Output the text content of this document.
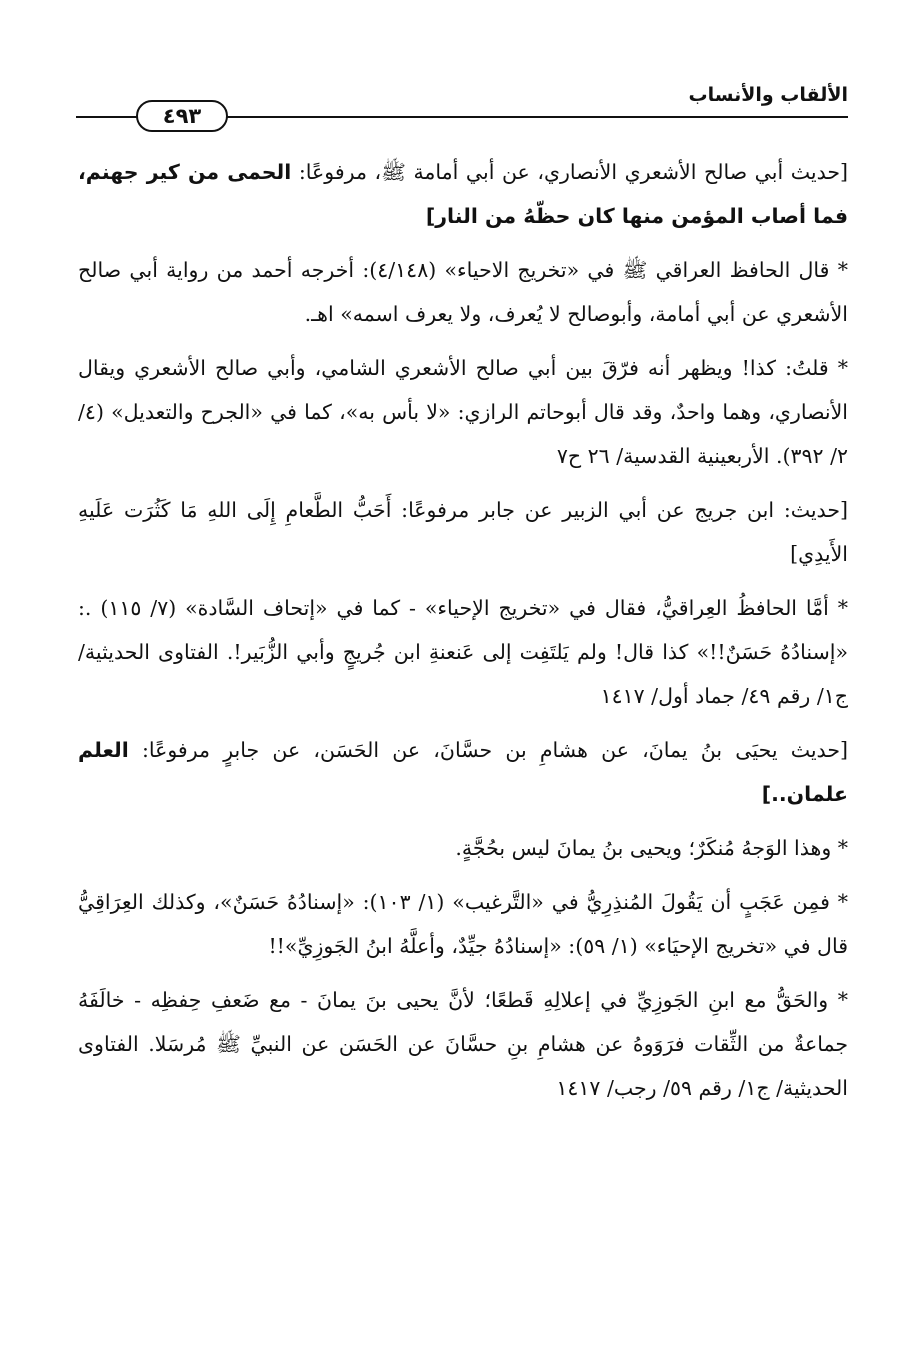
الألقاب والأنساب
٤٩٣

[حديث أبي صالح الأشعري الأنصاري، عن أبي أمامة ﷺ، مرفوعًا: الحمى من كير جهنم، فما أصاب المؤمن منها كان حظّهُ من النار]

* قال الحافظ العراقي ﷺ في «تخريج الاحياء» (٤/١٤٨): أخرجه أحمد من رواية أبي صالح الأشعري عن أبي أمامة، وأبوصالح لا يُعرف، ولا يعرف اسمه» اهـ.

* قلتُ: كذا! ويظهر أنه فرّقَ بين أبي صالح الأشعري الشامي، وأبي صالح الأشعري ويقال الأنصاري، وهما واحدٌ، وقد قال أبوحاتم الرازي: «لا بأس به»، كما في «الجرح والتعديل» (٤/ ٢/ ٣٩٢). الأربعينية القدسية/ ٢٦ ح٧

[حديث: ابن جريج عن أبي الزبير عن جابر مرفوعًا: أَحَبُّ الطَّعامِ إِلَى اللهِ مَا كَثُرَت عَلَيهِ الأَيدِي]

* أمَّا الحافظُ العِراقيُّ، فقال في «تخريج الإحياء» - كما في «إتحاف السَّادة» (٧/ ١١٥) .: «إسنادُهُ حَسَنٌ!!» كذا قال! ولم يَلتَفِت إلى عَنعنةِ ابن جُريجٍ وأبي الزُّبَير!. الفتاوى الحديثية/ ج١/ رقم ٤٩/ جماد أول/ ١٤١٧

[حديث يحيَى بنُ يمانَ، عن هشامِ بن حسَّانَ، عن الحَسَن، عن جابرٍ مرفوعًا: العلم علمان..]

* وهذا الوَجهُ مُنكَرٌ؛ ويحيى بنُ يمانَ ليس بحُجَّةٍ.

* فمِن عَجَبٍ أن يَقُولَ المُنذِرِيُّ في «التَّرغيب» (١/ ١٠٣): «إسنادُهُ حَسَنٌ»، وكذلك العِرَاقِيُّ قال في «تخريج الإحيَاء» (١/ ٥٩): «إسنادُهُ جيِّدٌ، وأعلَّهُ ابنُ الجَوزِيِّ»!!

* والحَقُّ مع ابنِ الجَوزِيِّ في إعلالِهِ قَطعًا؛ لأنَّ يحيى بنَ يمانَ - مع ضَعفِ حِفظِه - خالَفَهُ جماعةٌ من الثِّقات فرَوَوهُ عن هشامِ بنِ حسَّانَ عن الحَسَن عن النبيِّ ﷺ مُرسَلا. الفتاوى الحديثية/ ج١/ رقم ٥٩/ رجب/ ١٤١٧
